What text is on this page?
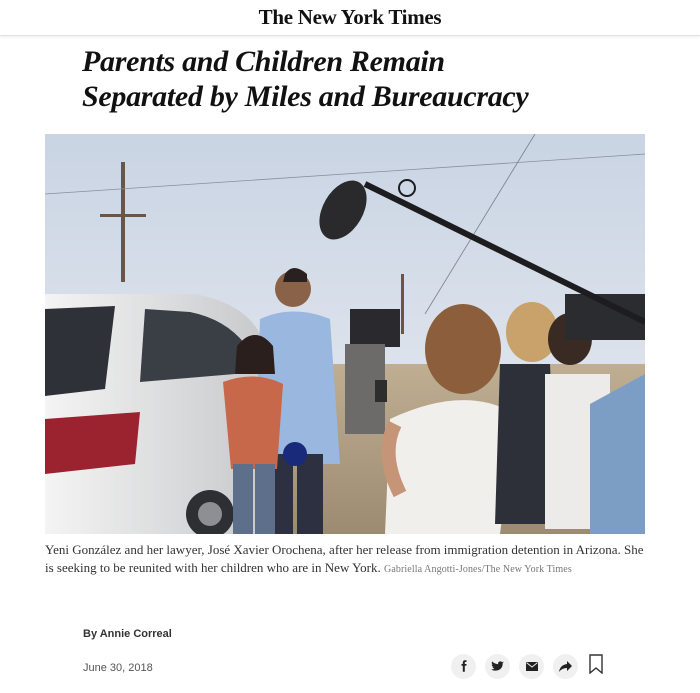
The New York Times
Parents and Children Remain
Separated by Miles and Bureaucracy

Yeni González and her lawyer, José Xavier Orochena, after her release from immigration detention in Arizona. She is seeking to be reunited with her children who are in New York. Gabriella Angotti-Jones/The New York Times

By Annie Correal
June 30, 2018
